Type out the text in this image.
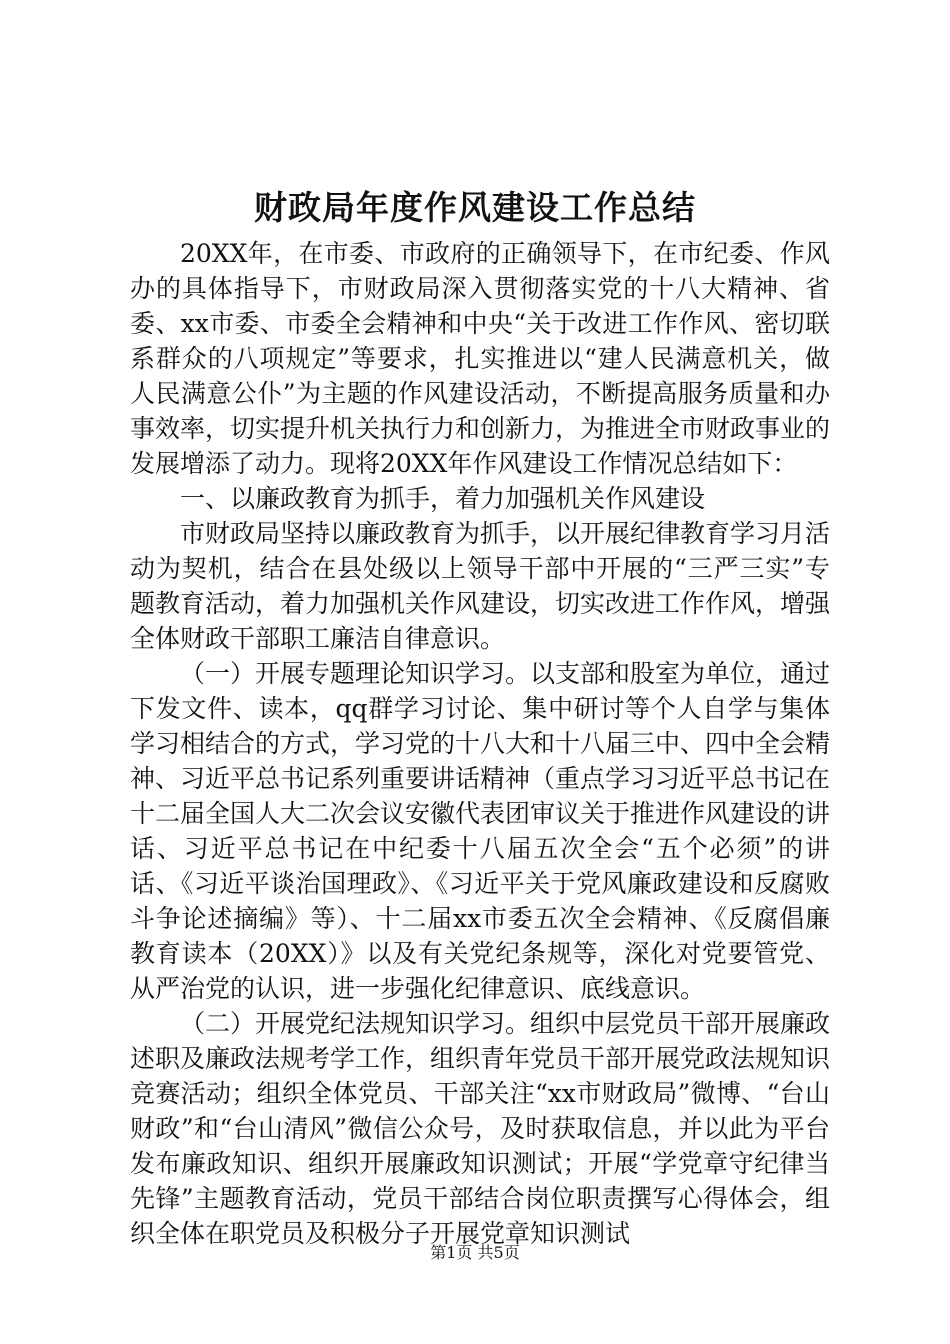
财政局年度作风建设工作总结

20XX年，在市委、市政府的正确领导下，在市纪委、作风办的具体指导下，市财政局深入贯彻落实党的十八大精神、省委、xx市委、市委全会精神和中央“关于改进工作作风、密切联系群众的八项规定”等要求，扎实推进以“建人民满意机关，做人民满意公仆”为主题的作风建设活动，不断提高服务质量和办事效率，切实提升机关执行力和创新力，为推进全市财政事业的发展增添了动力。现将20XX年作风建设工作情况总结如下：

一、以廉政教育为抓手，着力加强机关作风建设

市财政局坚持以廉政教育为抓手，以开展纪律教育学习月活动为契机，结合在县处级以上领导干部中开展的“三严三实”专题教育活动，着力加强机关作风建设，切实改进工作作风，增强全体财政干部职工廉洁自律意识。

（一）开展专题理论知识学习。以支部和股室为单位，通过下发文件、读本，qq群学习讨论、集中研讨等个人自学与集体学习相结合的方式，学习党的十八大和十八届三中、四中全会精神、习近平总书记系列重要讲话精神（重点学习习近平总书记在十二届全国人大二次会议安徽代表团审议关于推进作风建设的讲话、习近平总书记在中纪委十八届五次全会“五个必须”的讲话、《习近平谈治国理政》、《习近平关于党风廉政建设和反腐败斗争论述摘编》等）、十二届xx市委五次全会精神、《反腐倡廉教育读本（20XX）》以及有关党纪条规等，深化对党要管党、从严治党的认识，进一步强化纪律意识、底线意识。

（二）开展党纪法规知识学习。组织中层党员干部开展廉政述职及廉政法规考学工作，组织青年党员干部开展党政法规知识竞赛活动；组织全体党员、干部关注“xx市财政局”微博、“台山财政”和“台山清风”微信公众号，及时获取信息，并以此为平台发布廉政知识、组织开展廉政知识测试；开展“学党章守纪律当先锋”主题教育活动，党员干部结合岗位职责撰写心得体会，组织全体在职党员及积极分子开展党章知识测试

第1页 共5页
